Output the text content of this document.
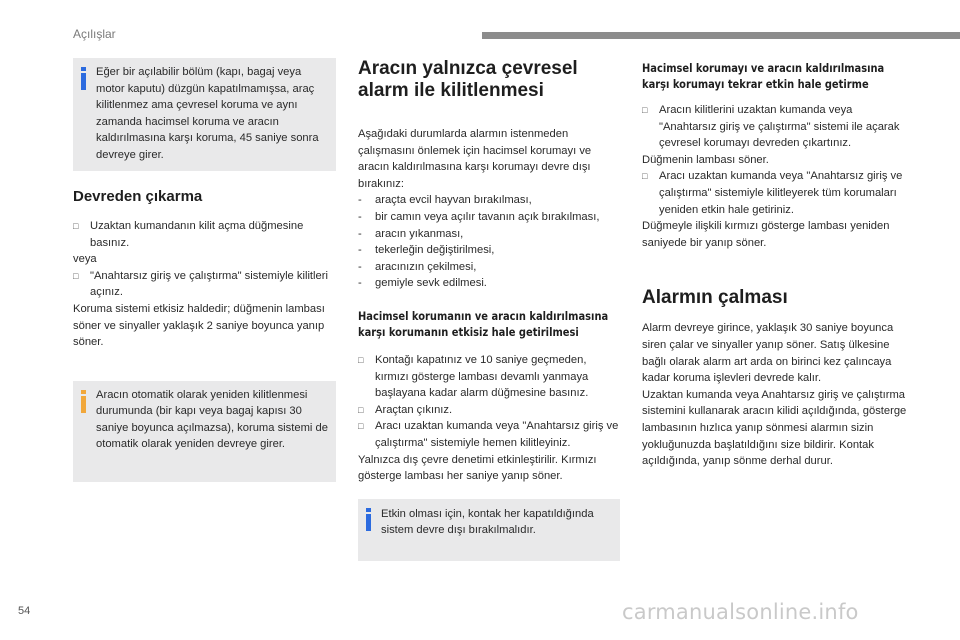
Açılışlar
Eğer bir açılabilir bölüm (kapı, bagaj veya motor kaputu) düzgün kapatılmamışsa, araç kilitlenmez ama çevresel koruma ve aynı zamanda hacimsel koruma ve aracın kaldırılmasına karşı koruma, 45 saniye sonra devreye girer.
Devreden çıkarma
□	Uzaktan kumandanın kilit açma düğmesine basınız.
veya
□	"Anahtarsız giriş ve çalıştırma" sistemiyle kilitleri açınız.

Koruma sistemi etkisiz haldedir; düğmenin lambası söner ve sinyaller yaklaşık 2 saniye boyunca yanıp söner.

Aracın otomatik olarak yeniden kilitlenmesi durumunda (bir kapı veya bagaj kapısı 30 saniye boyunca açılmazsa), koruma sistemi de otomatik olarak yeniden devreye girer.
Aracın yalnızca çevresel
alarm ile kilitlenmesi

Aşağıdaki durumlarda alarmın istenmeden çalışmasını önlemek için hacimsel korumayı ve aracın kaldırılmasına karşı korumayı devre dışı bırakınız:

-	araçta evcil hayvan bırakılması,
-	bir camın veya açılır tavanın açık bırakılması,
-	aracın yıkanması,
-	tekerleğin değiştirilmesi,
-	aracınızın çekilmesi,
-	gemiyle sevk edilmesi.
Hacimsel korumanın ve aracın kaldırılmasına
karşı korumanın etkisiz hale getirilmesi
□	Kontağı kapatınız ve 10 saniye geçmeden, kırmızı gösterge lambası devamlı yanmaya başlayana kadar alarm düğmesine basınız.
□	Araçtan çıkınız.
□	Aracı uzaktan kumanda veya "Anahtarsız giriş ve çalıştırma" sistemiyle hemen kilitleyiniz.

Yalnızca dış çevre denetimi etkinleştirilir. Kırmızı gösterge lambası her saniye yanıp söner.

Etkin olması için, kontak her kapatıldığında sistem devre dışı bırakılmalıdır.
Hacimsel korumayı ve aracın kaldırılmasına
karşı korumayı tekrar etkin hale getirme
□	Aracın kilitlerini uzaktan kumanda veya "Anahtarsız giriş ve çalıştırma" sistemi ile açarak çevresel korumayı devreden çıkartınız.

Düğmenin lambası söner.

□	Aracı uzaktan kumanda veya "Anahtarsız giriş ve çalıştırma" sistemiyle kilitleyerek tüm korumaları yeniden etkin hale getiriniz.

Düğmeyle ilişkili kırmızı gösterge lambası yeniden saniyede bir yanıp söner.

Alarmın çalması

Alarm devreye girince, yaklaşık 30 saniye boyunca siren çalar ve sinyaller yanıp söner. Satış ülkesine bağlı olarak alarm art arda on birinci kez çalıncaya kadar koruma işlevleri devrede kalır.

Uzaktan kumanda veya Anahtarsız giriş ve çalıştırma sistemini kullanarak aracın kilidi açıldığında, gösterge lambasının hızlıca yanıp sönmesi alarmın sizin yokluğunuzda başlatıldığını size bildirir. Kontak açıldığında, yanıp sönme derhal durur.

54	carmanualsonline.info
